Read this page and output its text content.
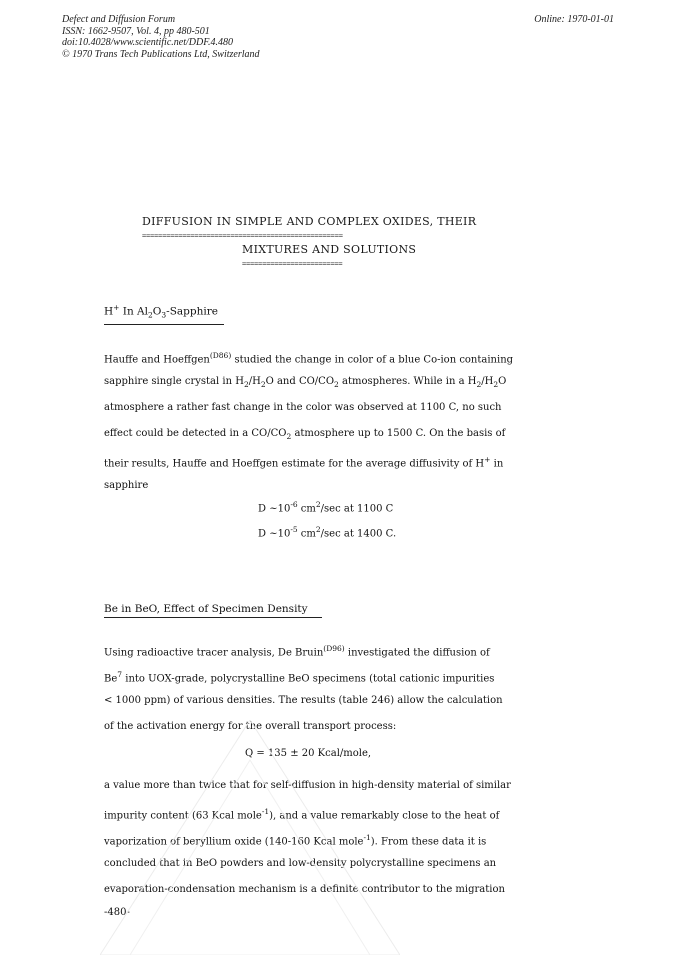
Defect and Diffusion Forum
ISSN: 1662-9507, Vol. 4, pp 480-501
doi:10.4028/www.scientific.net/DDF.4.480
© 1970 Trans Tech Publications Ltd, Switzerland
Online: 1970-01-01
DIFFUSION IN SIMPLE AND COMPLEX OXIDES, THEIR
==================================================
MIXTURES AND SOLUTIONS
=========================
H+ In $Al_2O_3$-Sapphire
Hauffe and Hoeffgen$^{(D86)}$ studied the change in color of a blue Co-ion containing
sapphire single crystal in $H_2/H_2O$ and $CO/CO_2$ atmospheres. While in a $H_2/H_2O$
atmosphere a rather fast change in the color was observed at 1100 C, no such
effect could be detected in a $CO/CO_2$ atmosphere up to 1500 C. On the basis of
their results, Hauffe and Hoeffgen estimate for the average diffusivity of H+ in
sapphire
D $\sim 10^{-6}$ $cm^2/\sec$ at 1100 C
D $\sim 10^{-5}$ $cm^2/\sec$ at 1400 C.
Be in BeO, Effect of Specimen Density
Using radioactive tracer analysis, De Bruin$^{(D96)}$ investigated the diffusion of
Be$^7$ into UOX-grade, polycrystalline BeO specimens (total cationic impurities
< 1000 ppm) of various densities. The results (table 246) allow the calculation
of the activation energy for the overall transport process:
Q = 135 ± 20 Kcal/mole,
a value more than twice that for self-diffusion in high-density material of similar
impurity content (63 Kcal mole$^{-1}$), and a value remarkably close to the heat of
vaporization of beryllium oxide (140-160 Kcal mole$^{-1}$). From these data it is
concluded that in BeO powders and low-density polycrystalline specimens an
evaporation-condensation mechanism is a definite contributor to the migration
-480-
